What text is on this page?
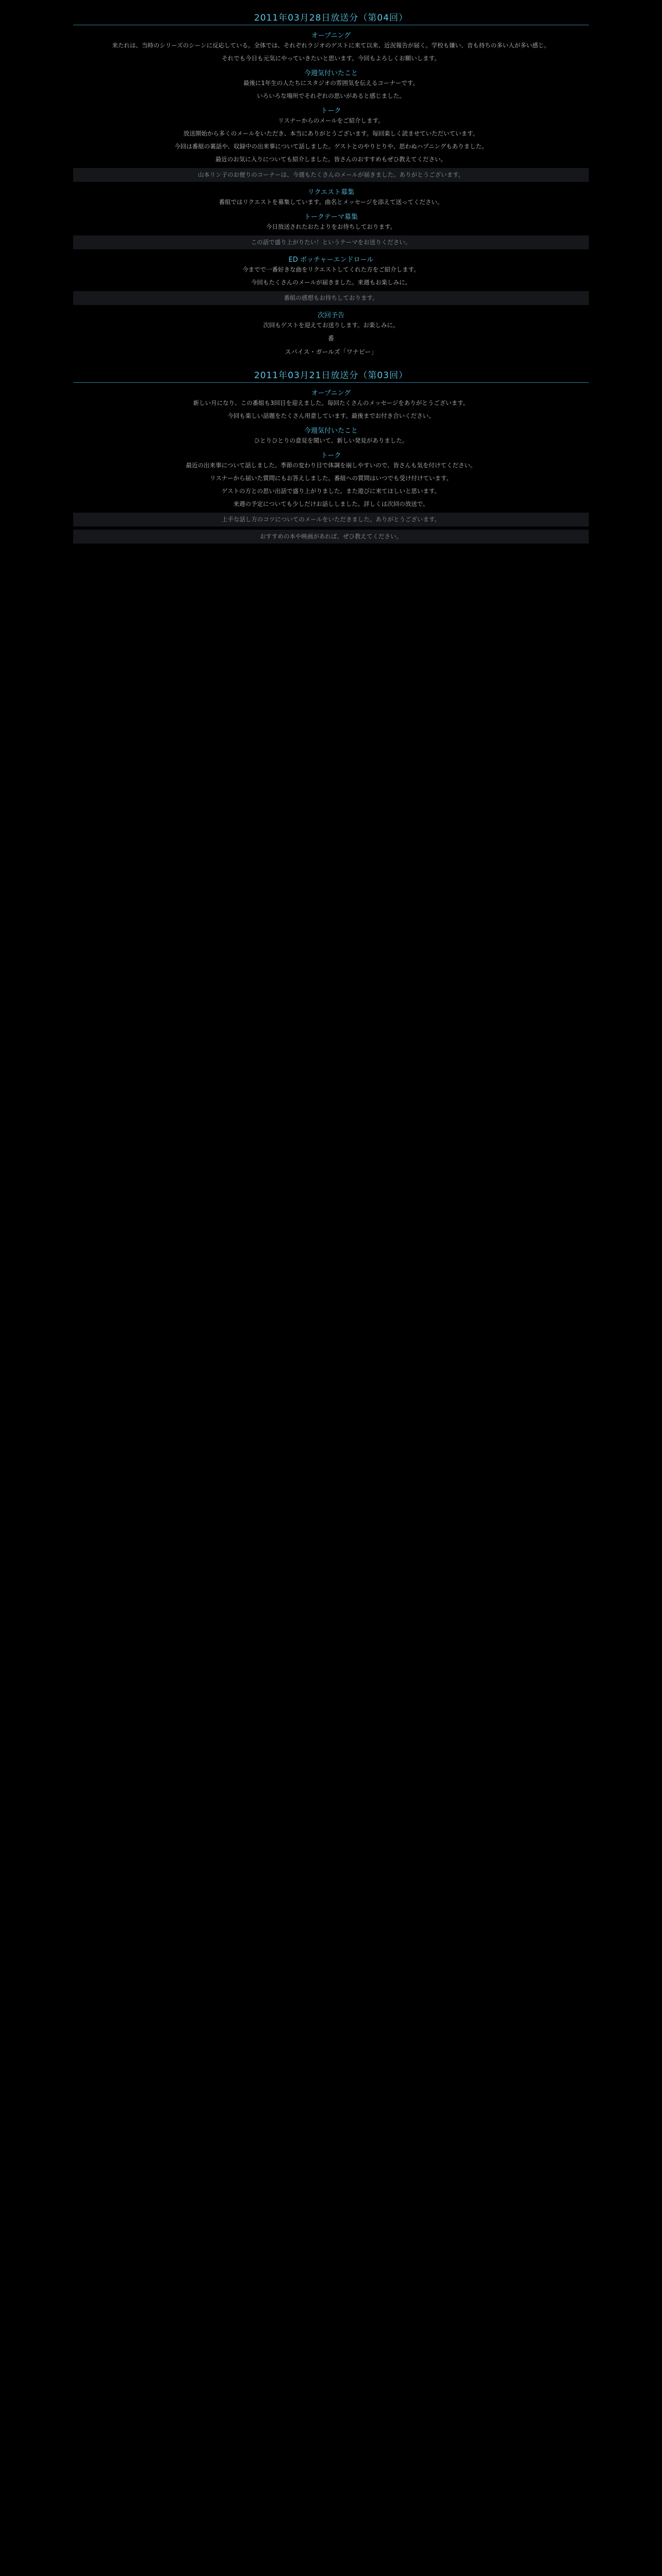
2011年03月28日放送分（第04回）
オープニング
来たれは、当時のシリーズのシーンに反応している。全体では、それぞれラジオのゲストに来て以来、近況報告が届く。学校も嫌い、音も持ちの多い人が多い感じ。
それでも今日も元気にやっていきたいと思います。今回もよろしくお願いします。
今週気付いたこと
最後に1年生の人たちにスタジオの雰囲気を伝えるコーナーです。
いろいろな場所でそれぞれの思いがあると感じました。
トーク
リスナーからのメールをご紹介します。
放送開始から多くのメールをいただき、本当にありがとうございます。毎回楽しく読ませていただいています。
今回は番組の裏話や、収録中の出来事について話しました。ゲストとのやりとりや、思わぬハプニングもありました。
最近のお気に入りについても紹介しました。皆さんのおすすめもぜひ教えてください。
山本リン子のお便りのコーナーは、今週もたくさんのメールが届きました。ありがとうございます。
リクエスト募集
番組ではリクエストを募集しています。曲名とメッセージを添えて送ってください。
トークテーマ募集
今日放送されたおたよりをお待ちしております。
この話で盛り上がりたい！というテーマをお送りください。
ED ボッチャーエンドロール
今までで一番好きな曲をリクエストしてくれた方をご紹介します。
今回もたくさんのメールが届きました。来週もお楽しみに。
番組の感想もお待ちしております。
次回予告
次回もゲストを迎えてお送りします。お楽しみに。
番
スパイス・ガールズ「ワナビー」
2011年03月21日放送分（第03回）
オープニング
新しい月になり、この番組も3回目を迎えました。毎回たくさんのメッセージをありがとうございます。
今回も楽しい話題をたくさん用意しています。最後までお付き合いください。
今週気付いたこと
ひとりひとりの意見を聞いて、新しい発見がありました。
トーク
最近の出来事について話しました。季節の変わり目で体調を崩しやすいので、皆さんも気を付けてください。
リスナーから届いた質問にもお答えしました。番組への質問はいつでも受け付けています。
ゲストの方との思い出話で盛り上がりました。また遊びに来てほしいと思います。
来週の予定についても少しだけお話ししました。詳しくは次回の放送で。
上手な話し方のコツについてのメールをいただきました。ありがとうございます。
おすすめの本や映画があれば、ぜひ教えてください。
